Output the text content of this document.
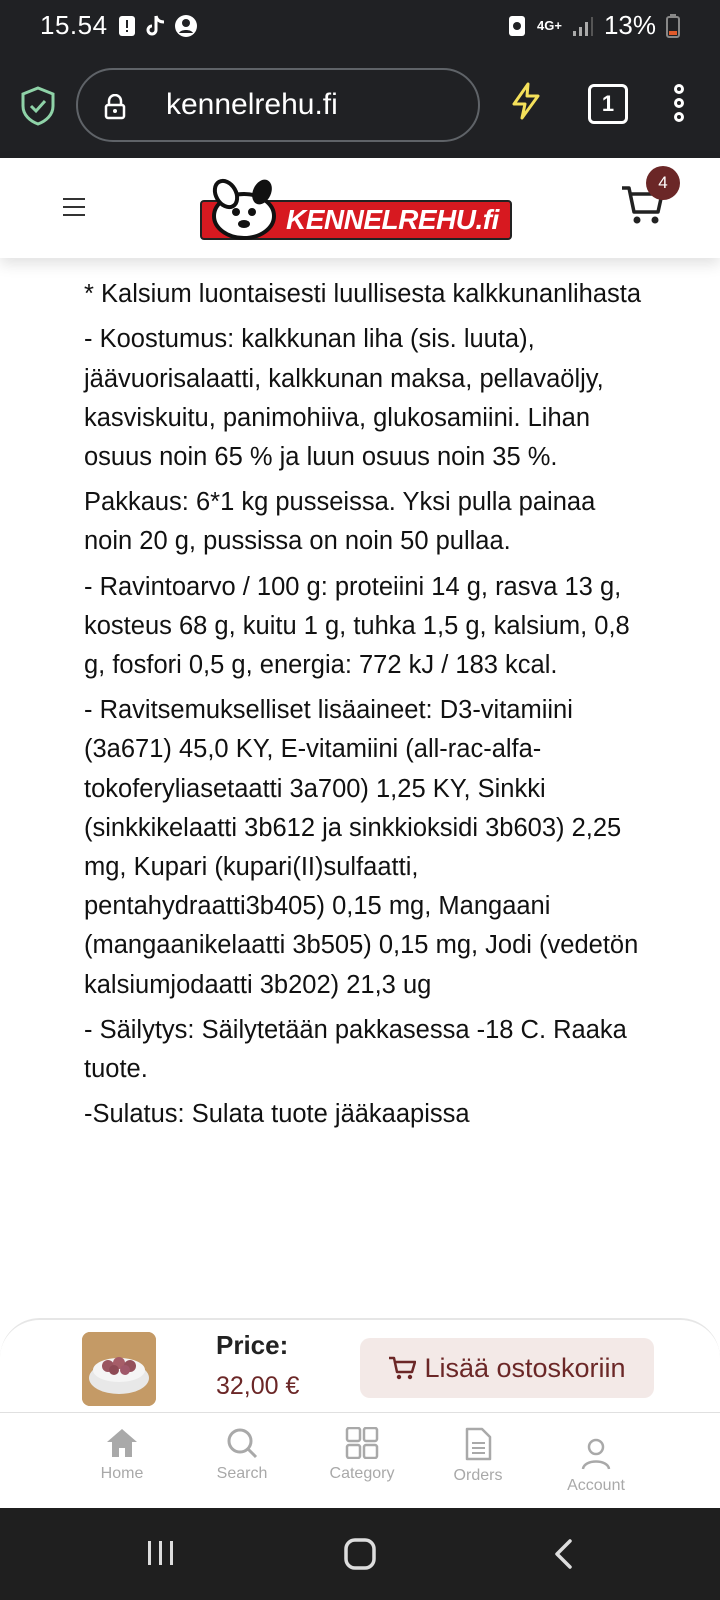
15.54	4G+ 13%
kennelrehu.fi	1
KENNELREHU.fi
4

* Kalsium luontaisesti luullisesta kalkkunanlihasta

- Koostumus: kalkkunan liha (sis. luuta), jäävuorisalaatti, kalkkunan maksa, pellavaöljy, kasviskuitu, panimohiiva, glukosamiini. Lihan osuus noin 65 % ja luun osuus noin 35 %.

Pakkaus: 6*1 kg pusseissa. Yksi pulla painaa noin 20 g, pussissa on noin 50 pullaa.

- Ravintoarvo / 100 g: proteiini 14 g, rasva 13 g, kosteus 68 g, kuitu 1 g, tuhka 1,5 g, kalsium, 0,8 g, fosfori 0,5 g, energia: 772 kJ / 183 kcal.

- Ravitsemukselliset lisäaineet: D3-vitamiini (3a671) 45,0 KY, E-vitamiini (all-rac-alfa-tokoferyliasetaatti 3a700) 1,25 KY, Sinkki (sinkkikelaatti 3b612 ja sinkkioksidi 3b603) 2,25 mg, Kupari (kupari(II)sulfaatti, pentahydraatti3b405) 0,15 mg, Mangaani (mangaanikelaatti 3b505) 0,15 mg, Jodi (vedetön kalsiumjodaatti 3b202) 21,3 ug

- Säilytys: Säilytetään pakkasessa -18 C. Raaka tuote.

-Sulatus: Sulata tuote jääkaapissa

Price:
32,00 €
Lisää ostoskoriin
Home	Search	Category	Orders
Account
